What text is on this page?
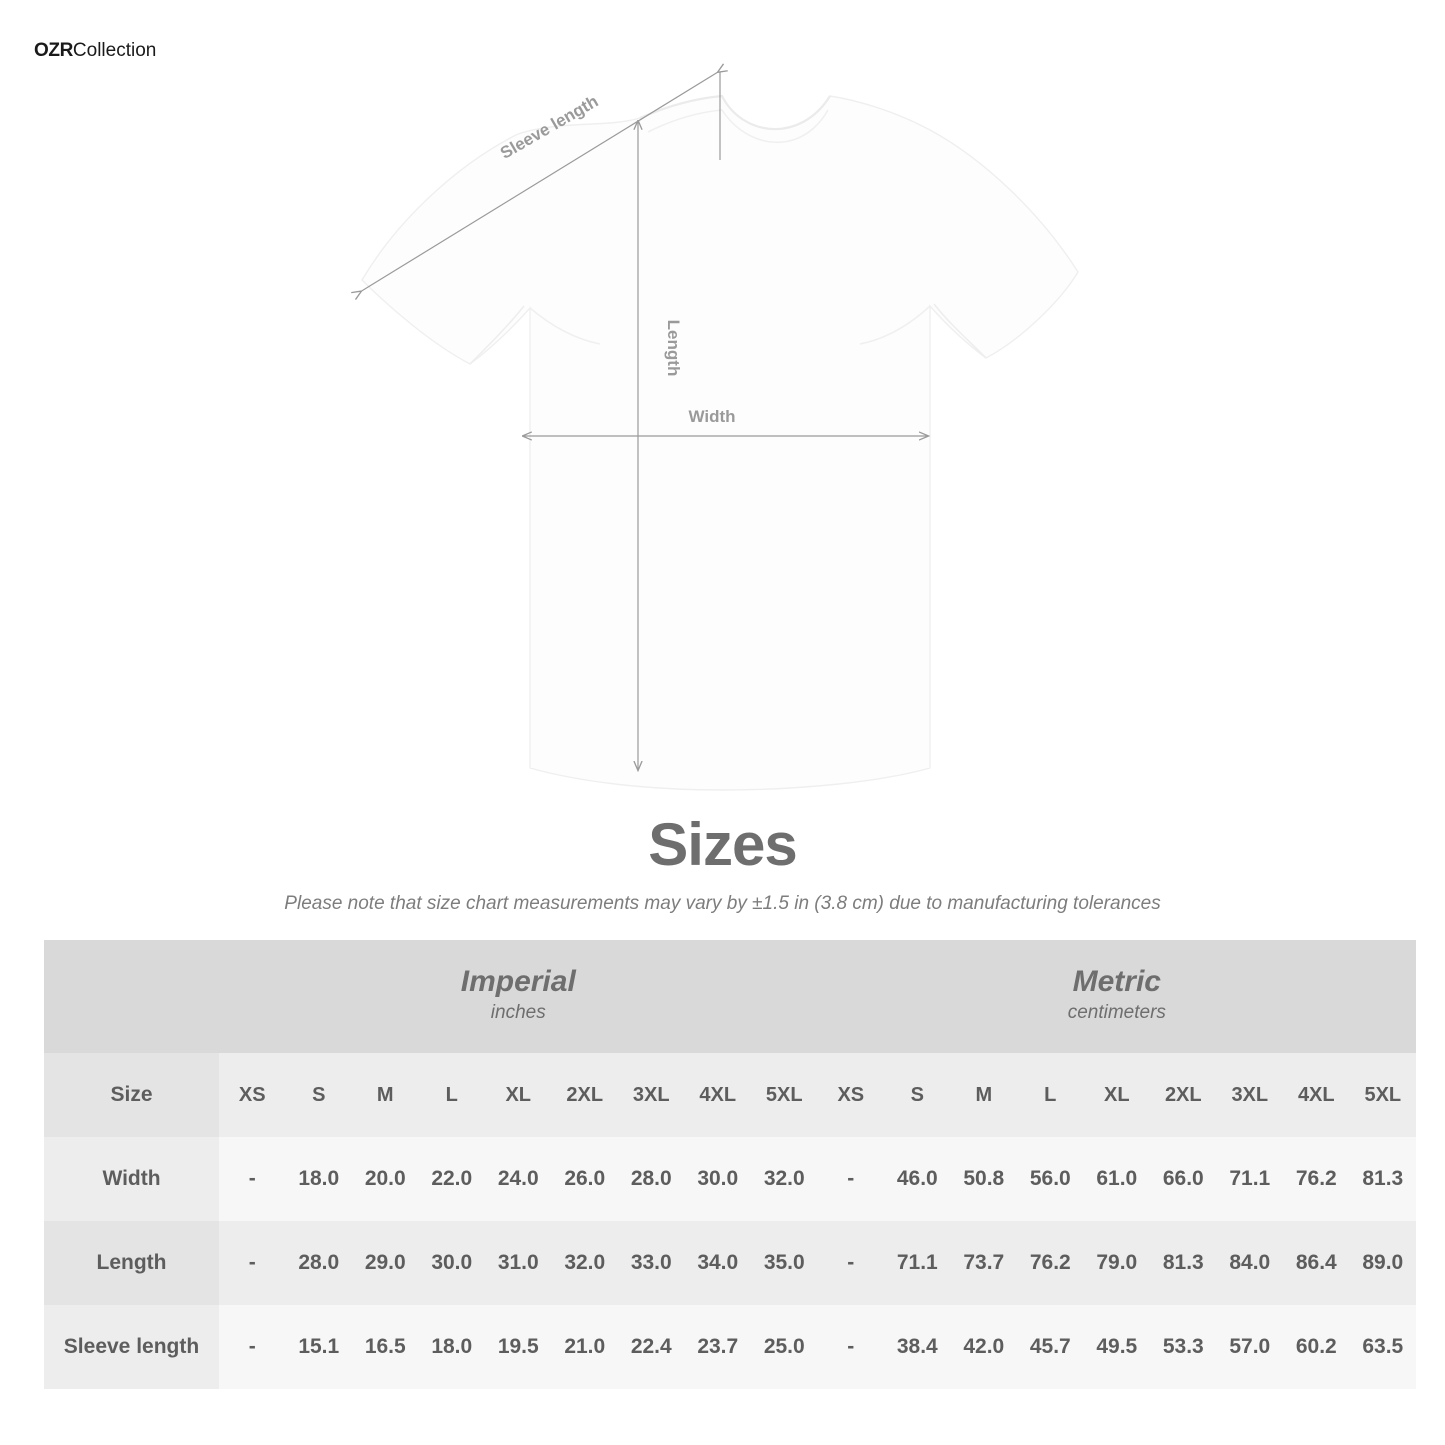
OZRCollection
Sleeve length
Length
Width
Sizes
Please note that size chart measurements may vary by ±1.5 in (3.8 cm) due to manufacturing tolerances

Imperial
inches

Metric
centimeters

Size	XS	S	M	L	XL	2XL	3XL	4XL	5XL	XS	S	M	L	XL	2XL	3XL	4XL	5XL
Width	-	18.0	20.0	22.0	24.0	26.0	28.0	30.0	32.0	-	46.0	50.8	56.0	61.0	66.0	71.1	76.2	81.3
Length	-	28.0	29.0	30.0	31.0	32.0	33.0	34.0	35.0	-	71.1	73.7	76.2	79.0	81.3	84.0	86.4	89.0
Sleeve length	-	15.1	16.5	18.0	19.5	21.0	22.4	23.7	25.0	-	38.4	42.0	45.7	49.5	53.3	57.0	60.2	63.5
